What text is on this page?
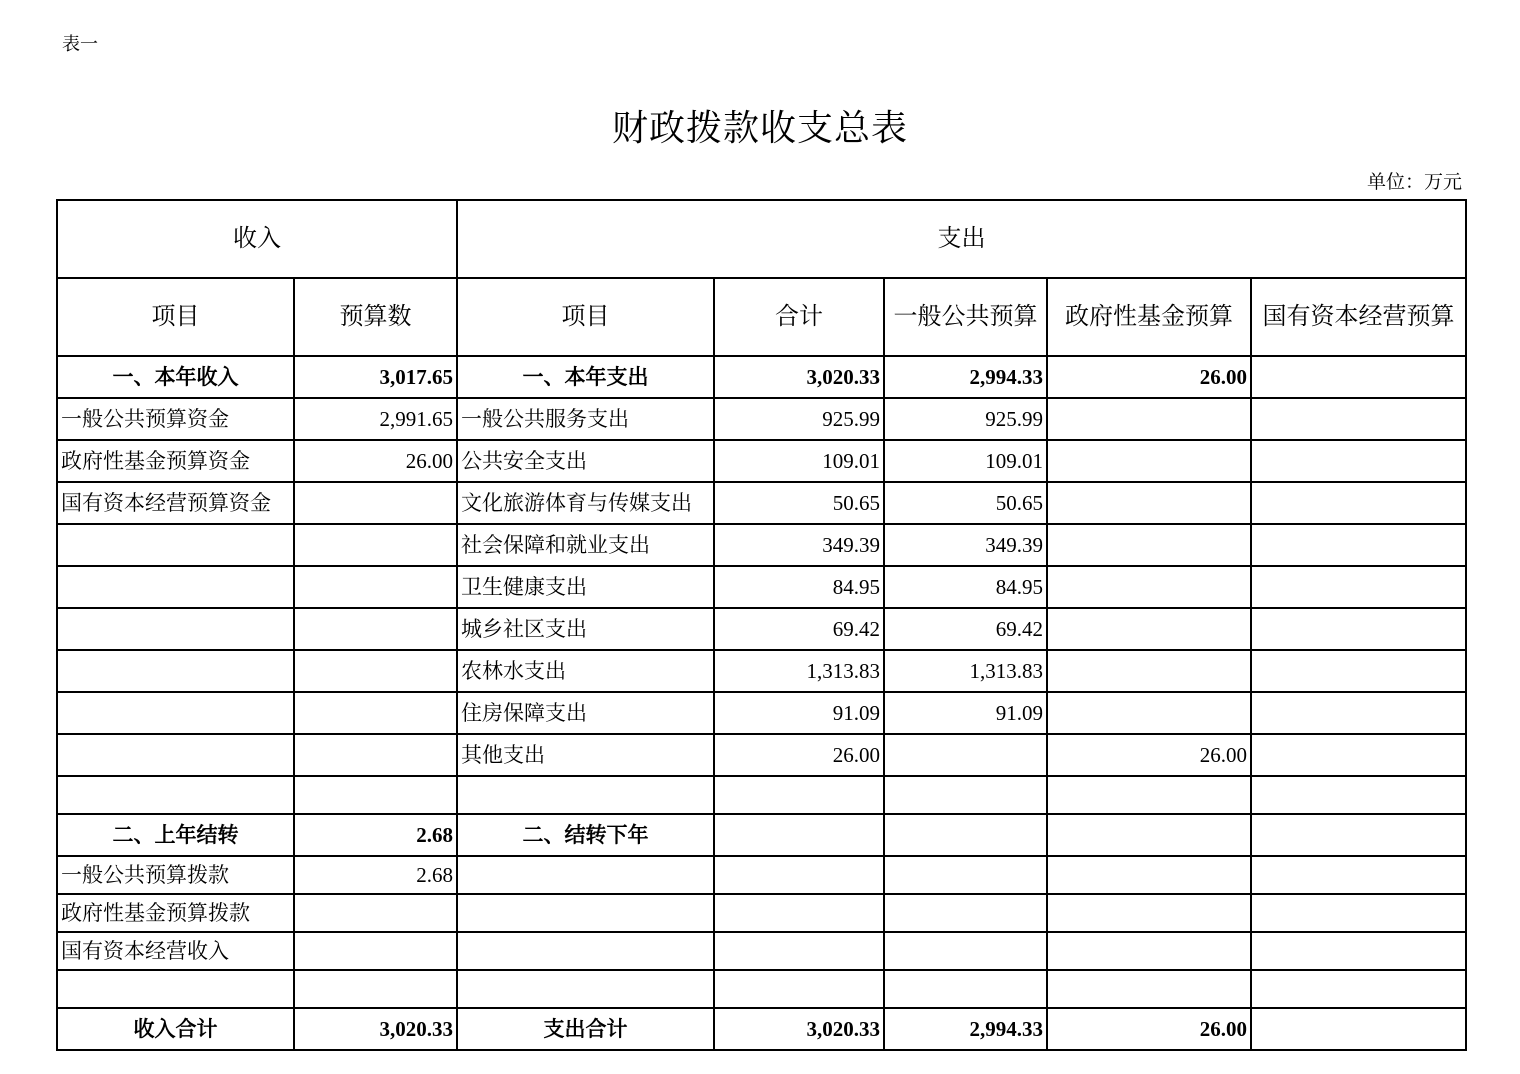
表一
财政拨款收支总表
单位：万元
收入		支出				
项目	预算数	项目	合计	一般公共预算	政府性基金预算	国有资本经营预算
一、本年收入	3,017.65	一、本年支出	3,020.33	2,994.33	26.00	
一般公共预算资金	2,991.65	一般公共服务支出	925.99	925.99		
政府性基金预算资金	26.00	公共安全支出	109.01	109.01		
国有资本经营预算资金		文化旅游体育与传媒支出	50.65	50.65		
		社会保障和就业支出	349.39	349.39		
		卫生健康支出	84.95	84.95		
		城乡社区支出	69.42	69.42		
		农林水支出	1,313.83	1,313.83		
		住房保障支出	91.09	91.09		
		其他支出	26.00		26.00	

二、上年结转	2.68	二、结转下年				
一般公共预算拨款	2.68					
政府性基金预算拨款						
国有资本经营收入						

收入合计	3,020.33	支出合计	3,020.33	2,994.33	26.00	
